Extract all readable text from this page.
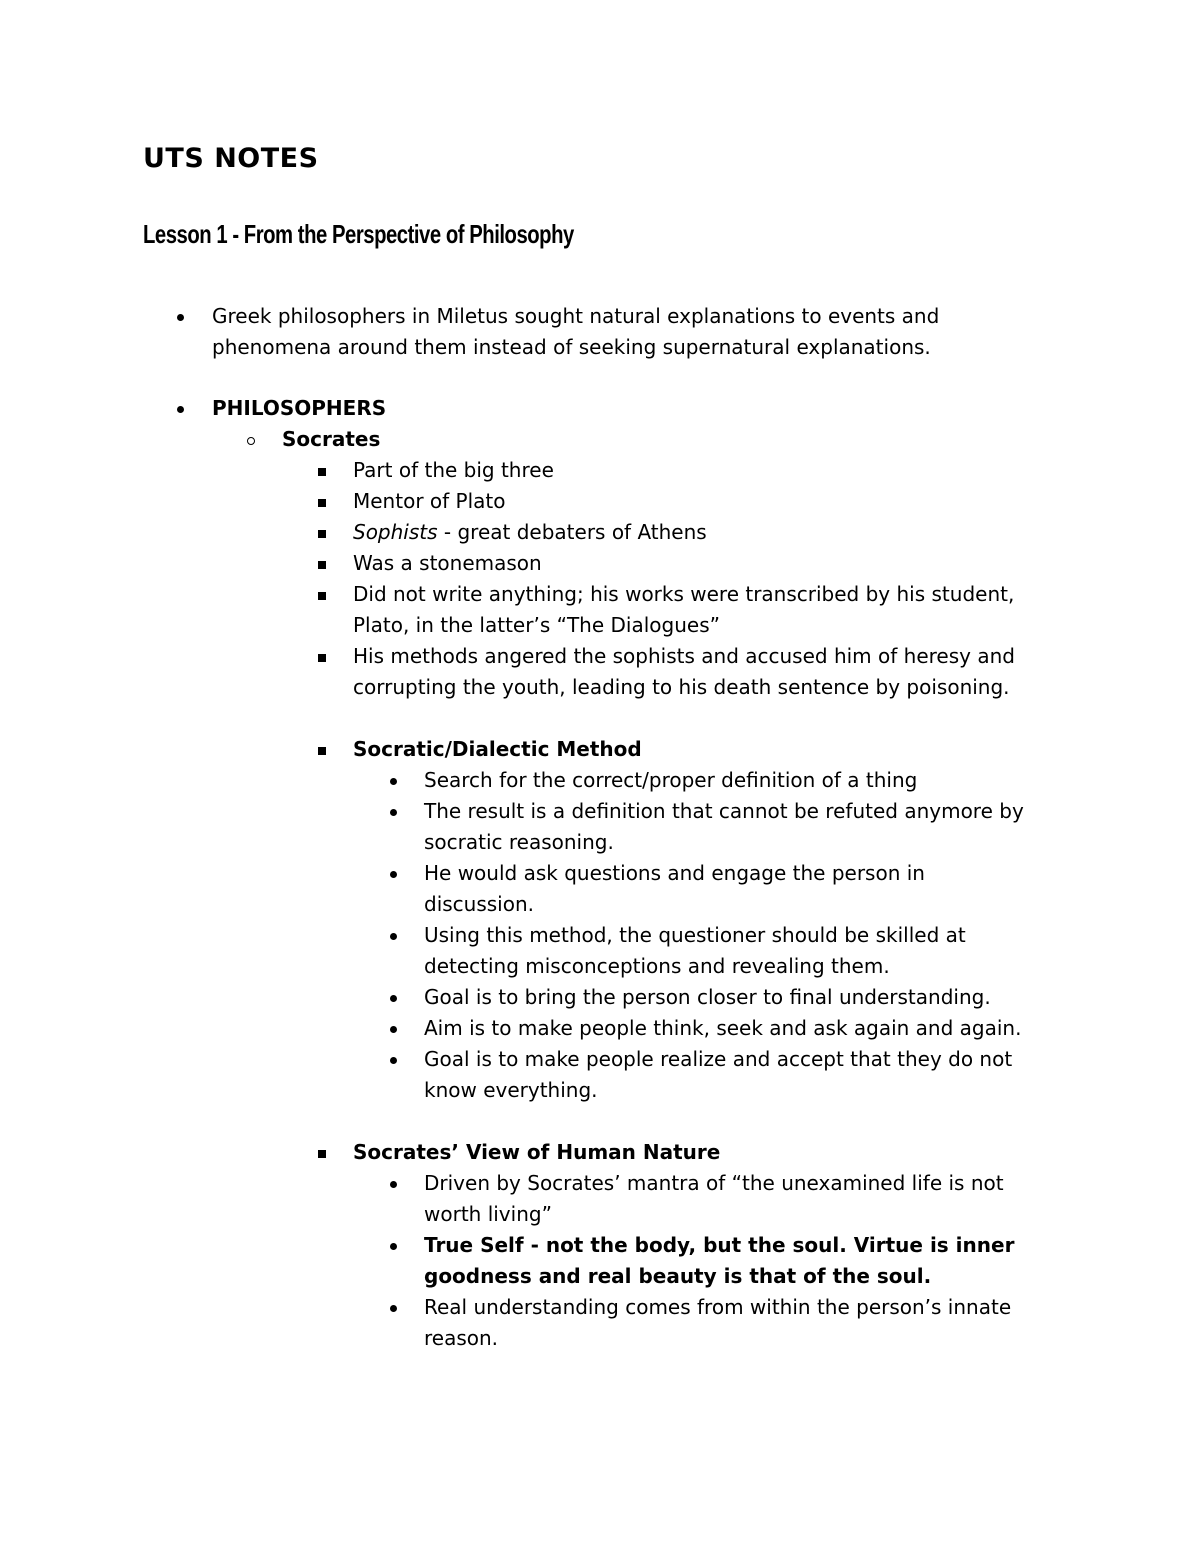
UTS NOTES
Lesson 1 - From the Perspective of Philosophy
Greek philosophers in Miletus sought natural explanations to events and
phenomena around them instead of seeking supernatural explanations.
PHILOSOPHERS
Socrates
Part of the big three
Mentor of Plato
Sophists - great debaters of Athens
Was a stonemason
Did not write anything; his works were transcribed by his student,
Plato, in the latter’s “The Dialogues”
His methods angered the sophists and accused him of heresy and
corrupting the youth, leading to his death sentence by poisoning.
Socratic/Dialectic Method
Search for the correct/proper definition of a thing
The result is a definition that cannot be refuted anymore by
socratic reasoning.
He would ask questions and engage the person in
discussion.
Using this method, the questioner should be skilled at
detecting misconceptions and revealing them.
Goal is to bring the person closer to final understanding.
Aim is to make people think, seek and ask again and again.
Goal is to make people realize and accept that they do not
know everything.
Socrates’ View of Human Nature
Driven by Socrates’ mantra of “the unexamined life is not
worth living”
True Self - not the body, but the soul. Virtue is inner
goodness and real beauty is that of the soul.
Real understanding comes from within the person’s innate
reason.
